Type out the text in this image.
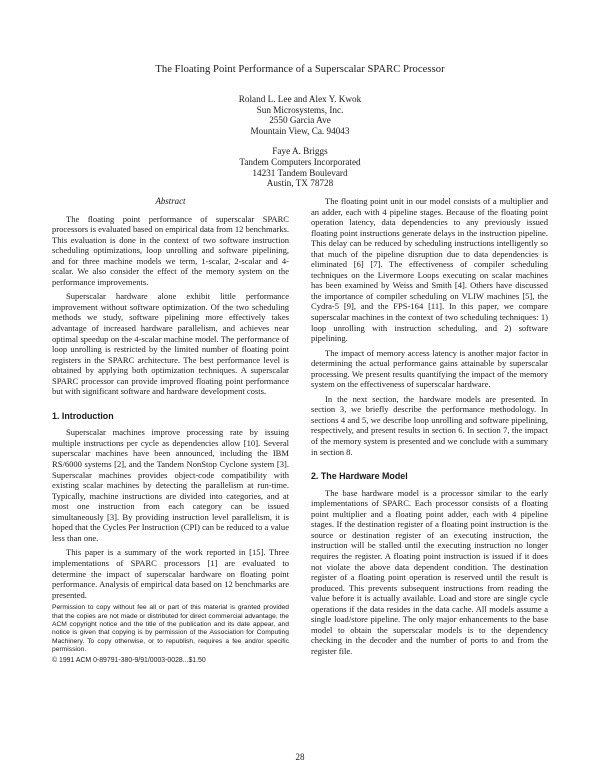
The Floating Point Performance of a Superscalar SPARC Processor
Roland L. Lee and Alex Y. Kwok
Sun Microsystems, Inc.
2550 Garcia Ave
Mountain View, Ca. 94043
Faye A. Briggs
Tandem Computers Incorporated
14231 Tandem Boulevard
Austin, TX 78728
Abstract

The floating point performance of superscalar SPARC processors is evaluated based on empirical data from 12 benchmarks. This evaluation is done in the context of two software instruction scheduling optimizations, loop unrolling and software pipelining, and for three machine models we term, 1-scalar, 2-scalar and 4-scalar. We also consider the effect of the memory system on the performance improvements.

Superscalar hardware alone exhibit little performance improvement without software optimization. Of the two scheduling methods we study, software pipelining more effectively takes advantage of increased hardware parallelism, and achieves near optimal speedup on the 4-scalar machine model. The performance of loop unrolling is restricted by the limited number of floating point registers in the SPARC architecture. The best performance level is obtained by applying both optimization techniques. A superscalar SPARC processor can provide improved floating point performance but with significant software and hardware development costs.

1. Introduction

Superscalar machines improve processing rate by issuing multiple instructions per cycle as dependencies allow [10]. Several superscalar machines have been announced, including the IBM RS/6000 systems [2], and the Tandem NonStop Cyclone system [3]. Superscalar machines provides object-code compatibility with existing scalar machines by detecting the parallelism at run-time. Typically, machine instructions are divided into categories, and at most one instruction from each category can be issued simultaneously [3]. By providing instruction level parallelism, it is hoped that the Cycles Per Instruction (CPI) can be reduced to a value less than one.

This paper is a summary of the work reported in [15]. Three implementations of SPARC processors [1] are evaluated to determine the impact of superscalar hardware on floating point performance. Analysis of empirical data based on 12 benchmarks are presented.

Permission to copy without fee all or part of this material is granted provided that the copies are not made or distributed for direct commercial advantage, the ACM copyright notice and the title of the publication and its date appear, and notice is given that copying is by permission of the Association for Computing Machinery. To copy otherwise, or to republish, requires a fee and/or specific permission.
© 1991 ACM 0-89791-380-9/91/0003-0028...$1.50

The floating point unit in our model consists of a multiplier and an adder, each with 4 pipeline stages. Because of the floating point operation latency, data dependencies to any previously issued floating point instructions generate delays in the instruction pipeline. This delay can be reduced by scheduling instructions intelligently so that much of the pipeline disruption due to data dependencies is eliminated [6] [7]. The effectiveness of compiler scheduling techniques on the Livermore Loops executing on scalar machines has been examined by Weiss and Smith [4]. Others have discussed the importance of compiler scheduling on VLIW machines [5], the Cydra-5 [9], and the FPS-164 [11]. In this paper, we compare superscalar machines in the context of two scheduling techniques: 1) loop unrolling with instruction scheduling, and 2) software pipelining.

The impact of memory access latency is another major factor in determining the actual performance gains attainable by superscalar processing. We present results quantifying the impact of the memory system on the effectiveness of superscalar hardware.

In the next section, the hardware models are presented. In section 3, we briefly describe the performance methodology. In sections 4 and 5, we describe loop unrolling and software pipelining, respectively, and present results in section 6. In section 7, the impact of the memory system is presented and we conclude with a summary in section 8.

2. The Hardware Model

The base hardware model is a processor similar to the early implementations of SPARC. Each processor consists of a floating point multiplier and a floating point adder, each with 4 pipeline stages. If the destination register of a floating point instruction is the source or destination register of an executing instruction, the instruction will be stalled until the executing instruction no longer requires the register. A floating point instruction is issued if it does not violate the above data dependent condition. The destination register of a floating point operation is reserved until the result is produced. This prevents subsequent instructions from reading the value before it is actually available. Load and store are single cycle operations if the data resides in the data cache. All models assume a single load/store pipeline. The only major enhancements to the base model to obtain the superscalar models is to the dependency checking in the decoder and the number of ports to and from the register file.

28
